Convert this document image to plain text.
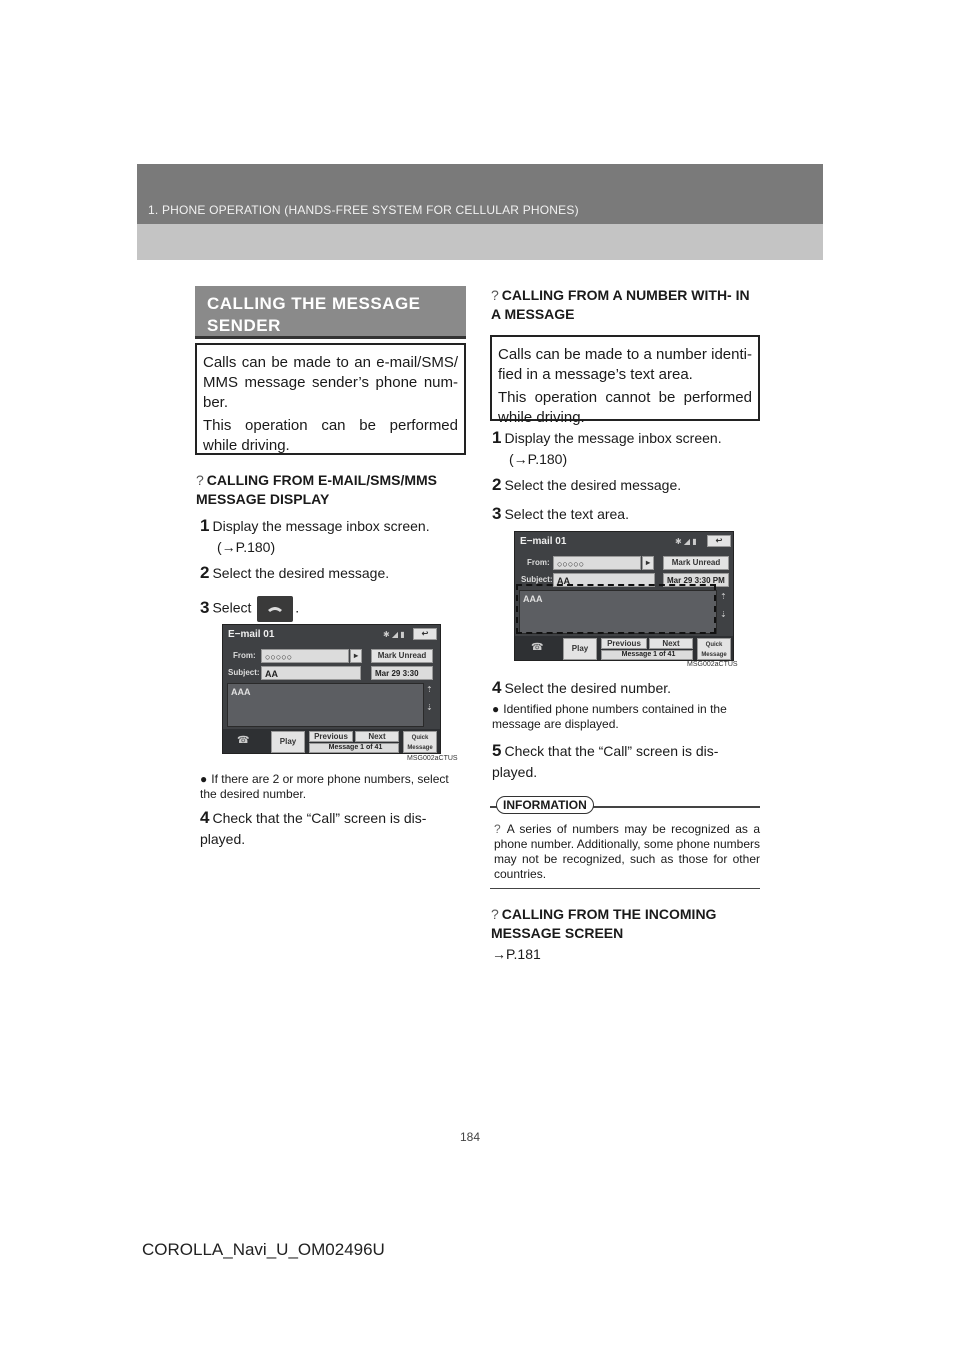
1. PHONE OPERATION (HANDS-FREE SYSTEM FOR CELLULAR PHONES)
CALLING THE MESSAGE SENDER

Calls can be made to an e-mail/SMS/ MMS message sender’s phone num- ber.

This operation can be performed while driving.

? CALLING FROM E-MAIL/SMS/MMS MESSAGE DISPLAY
1 Display the message inbox screen.
(→P.180)
2 Select the desired message.
3 Select	.
E−mail 01	✱ ◢ ▮	↩
From:	○○○○○	▸	Mark Unread
Subject: AA	Mar 29 3:30
AAA	⇡

⇣
☎	Play
Previous	Next
Message 1 of 41
Quick Message
MSG002aCTUS
● If there are 2 or more phone numbers, select the desired number.
4 Check that the “Call” screen is dis- played.
? CALLING FROM A NUMBER WITH- IN A MESSAGE

Calls can be made to a number identi- fied in a message’s text area.

This operation cannot be performed while driving.

1 Display the message inbox screen.
(→P.180)
2 Select the desired message.
3 Select the text area.
E−mail 01	✱ ◢ ▮	↩
From: ○○○○○	▸	Mark Unread
Subject: AA	Mar 29 3:30 PM
AAA	⇡

⇣
☎	Play
Previous	Next
Message 1 of 41
Quick Message
MSG002aCTUS
4 Select the desired number.
● Identified phone numbers contained in the message are displayed.
5 Check that the “Call” screen is dis- played.
INFORMATION
? A series of numbers may be recognized as a phone number. Additionally, some phone numbers may not be recognized, such as those for other countries.
? CALLING FROM THE INCOMING MESSAGE SCREEN
→P.181
184
COROLLA_Navi_U_OM02496U
